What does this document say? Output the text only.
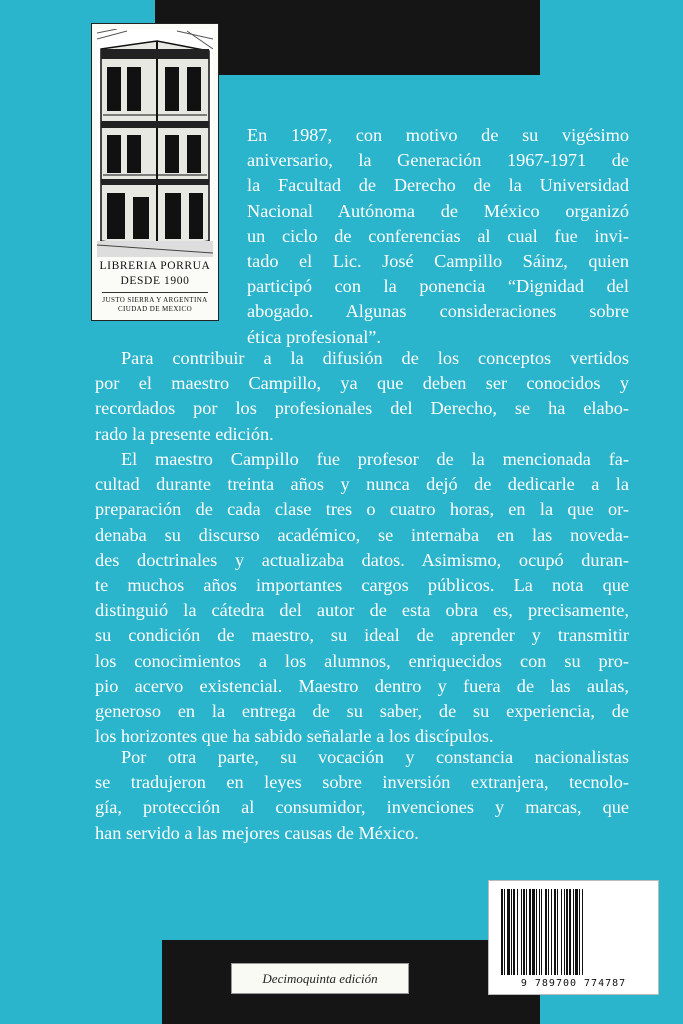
LIBRERIA PORRUA
DESDE 1900
JUSTO SIERRA Y ARGENTINA
CIUDAD DE MEXICO

En 1987, con motivo de su vigésimo
aniversario, la Generación 1967-1971 de
la Facultad de Derecho de la Universidad
Nacional Autónoma de México organizó
un ciclo de conferencias al cual fue invi-
tado el Lic. José Campillo Sáinz, quien
participó con la ponencia “Dignidad del
abogado. Algunas consideraciones sobre
ética profesional”.

Para contribuir a la difusión de los conceptos vertidos
por el maestro Campillo, ya que deben ser conocidos y
recordados por los profesionales del Derecho, se ha elabo-
rado la presente edición.

El maestro Campillo fue profesor de la mencionada fa-
cultad durante treinta años y nunca dejó de dedicarle a la
preparación de cada clase tres o cuatro horas, en la que or-
denaba su discurso académico, se internaba en las noveda-
des doctrinales y actualizaba datos. Asimismo, ocupó duran-
te muchos años importantes cargos públicos. La nota que
distinguió la cátedra del autor de esta obra es, precisamente,
su condición de maestro, su ideal de aprender y transmitir
los conocimientos a los alumnos, enriquecidos con su pro-
pio acervo existencial. Maestro dentro y fuera de las aulas,
generoso en la entrega de su saber, de su experiencia, de
los horizontes que ha sabido señalarle a los discípulos.

Por otra parte, su vocación y constancia nacionalistas
se tradujeron en leyes sobre inversión extranjera, tecnolo-
gía, protección al consumidor, invenciones y marcas, que
han servido a las mejores causas de México.

Decimoquinta edición	9 789700 774787
